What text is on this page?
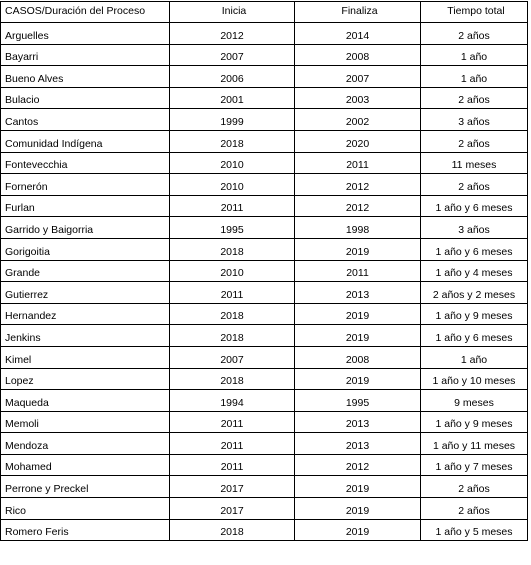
CASOS/Duración del Proceso	Inicia	Finaliza	Tiempo total
Arguelles	2012	2014	2 años
Bayarri	2007	2008	1 año
Bueno Alves	2006	2007	1 año
Bulacio	2001	2003	2 años
Cantos	1999	2002	3 años
Comunidad Indígena	2018	2020	2 años
Fontevecchia	2010	2011	11 meses
Fornerón	2010	2012	2 años
Furlan	2011	2012	1 año y 6 meses
Garrido y Baigorria	1995	1998	3 años
Gorigoitia	2018	2019	1 año y 6 meses
Grande	2010	2011	1 año y 4 meses
Gutierrez	2011	2013	2 años y 2 meses
Hernandez	2018	2019	1 año y 9 meses
Jenkins	2018	2019	1 año y 6 meses
Kimel	2007	2008	1 año
Lopez	2018	2019	1 año y 10 meses
Maqueda	1994	1995	9 meses
Memoli	2011	2013	1 año y 9 meses
Mendoza	2011	2013	1 año y 11 meses
Mohamed	2011	2012	1 año y 7 meses
Perrone y Preckel	2017	2019	2 años
Rico	2017	2019	2 años
Romero Feris	2018	2019	1 año y 5 meses
